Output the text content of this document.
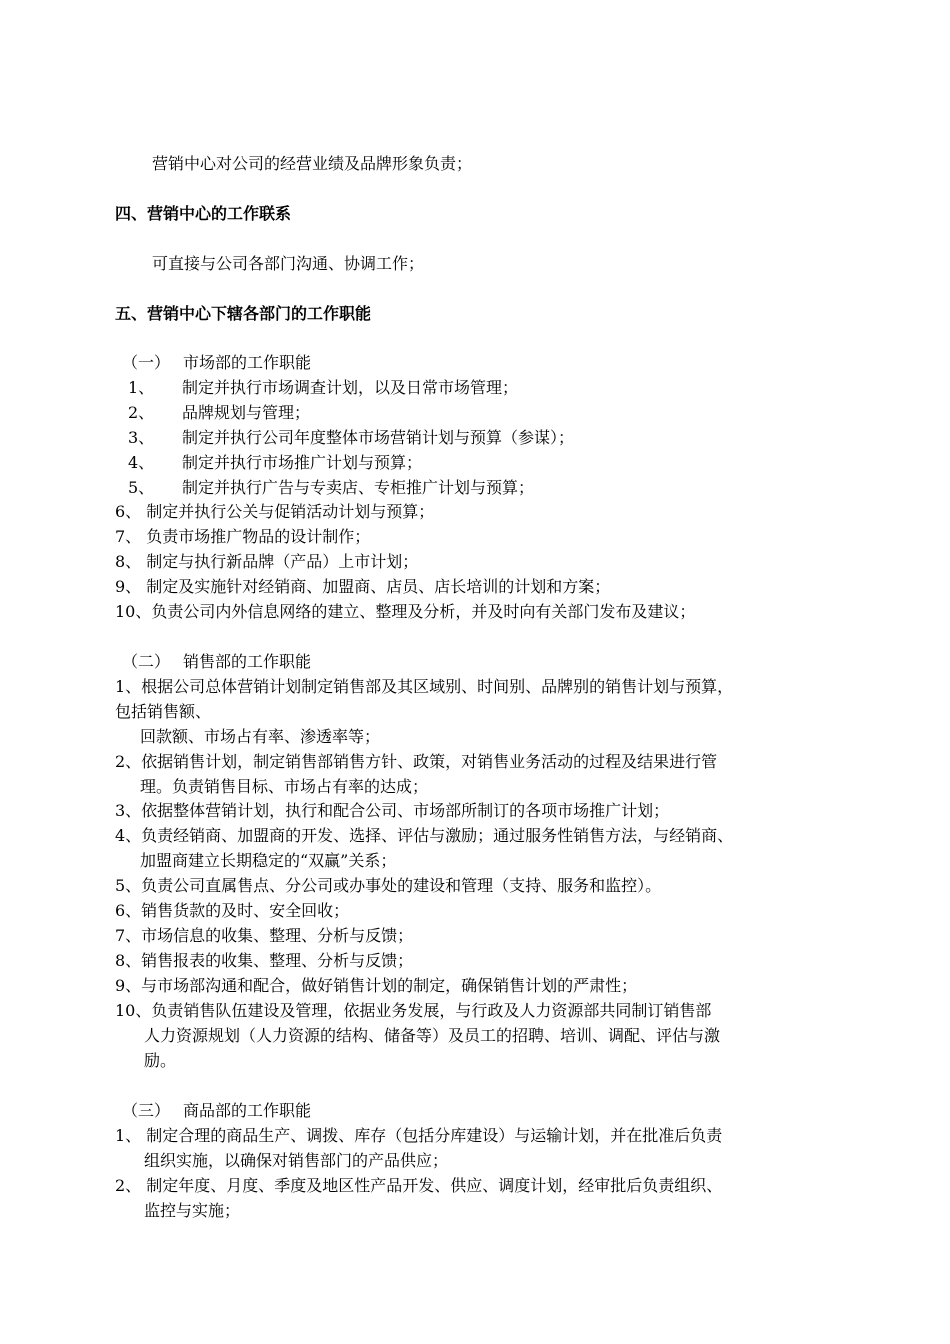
营销中心对公司的经营业绩及品牌形象负责；
四、营销中心的工作联系
可直接与公司各部门沟通、协调工作；
五、营销中心下辖各部门的工作职能
（一） 市场部的工作职能
1、 制定并执行市场调查计划，以及日常市场管理；
2、 品牌规划与管理；
3、 制定并执行公司年度整体市场营销计划与预算（参谋）；
4、 制定并执行市场推广计划与预算；
5、 制定并执行广告与专卖店、专柜推广计划与预算；
6、 制定并执行公关与促销活动计划与预算；
7、 负责市场推广物品的设计制作；
8、 制定与执行新品牌（产品）上市计划；
9、 制定及实施针对经销商、加盟商、店员、店长培训的计划和方案；
10、负责公司内外信息网络的建立、整理及分析，并及时向有关部门发布及建议；
（二） 销售部的工作职能
1、根据公司总体营销计划制定销售部及其区域别、时间别、品牌别的销售计划与预算，
包括销售额、
回款额、市场占有率、渗透率等；
2、依据销售计划，制定销售部销售方针、政策，对销售业务活动的过程及结果进行管
理。负责销售目标、市场占有率的达成；
3、依据整体营销计划，执行和配合公司、市场部所制订的各项市场推广计划；
4、负责经销商、加盟商的开发、选择、评估与激励；通过服务性销售方法，与经销商、
加盟商建立长期稳定的“双赢”关系；
5、负责公司直属售点、分公司或办事处的建设和管理（支持、服务和监控）。
6、销售货款的及时、安全回收；
7、市场信息的收集、整理、分析与反馈；
8、销售报表的收集、整理、分析与反馈；
9、与市场部沟通和配合，做好销售计划的制定，确保销售计划的严肃性；
10、负责销售队伍建设及管理，依据业务发展，与行政及人力资源部共同制订销售部
人力资源规划（人力资源的结构、储备等）及员工的招聘、培训、调配、评估与激
励。
（三） 商品部的工作职能
1、 制定合理的商品生产、调拨、库存（包括分库建设）与运输计划，并在批准后负责
组织实施，以确保对销售部门的产品供应；
2、 制定年度、月度、季度及地区性产品开发、供应、调度计划，经审批后负责组织、
监控与实施；
